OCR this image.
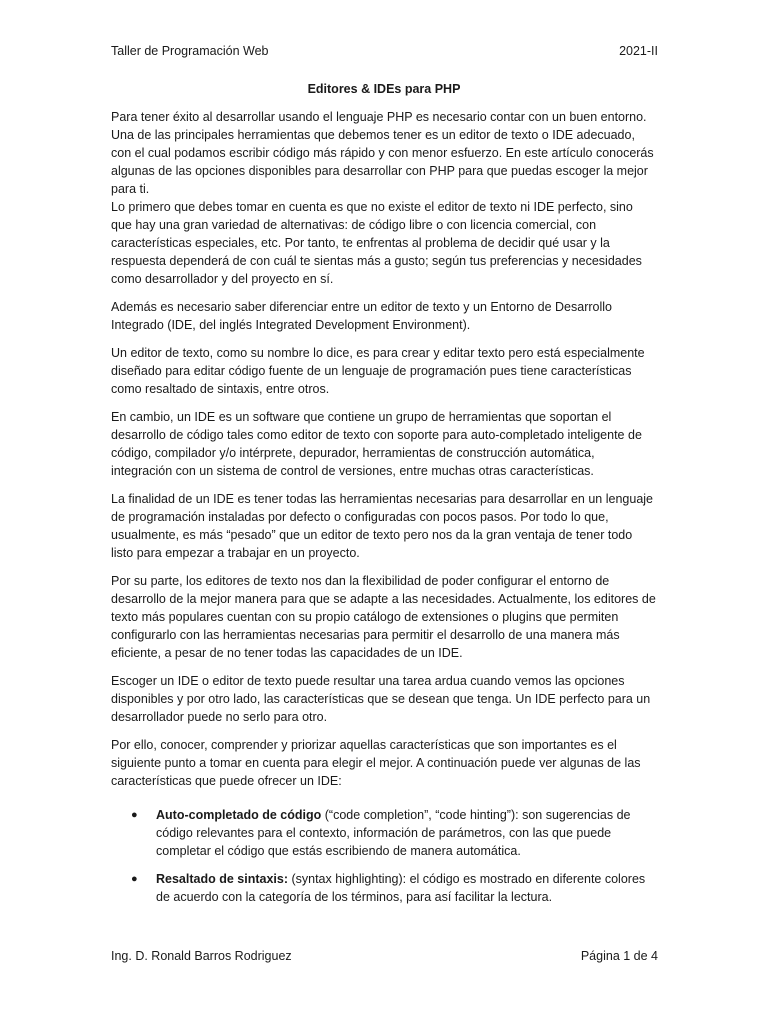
Taller de Programación Web	2021-II
Editores & IDEs para PHP

Para tener éxito al desarrollar usando el lenguaje PHP es necesario contar con un buen entorno. Una de las principales herramientas que debemos tener es un editor de texto o IDE adecuado, con el cual podamos escribir código más rápido y con menor esfuerzo. En este artículo conocerás algunas de las opciones disponibles para desarrollar con PHP para que puedas escoger la mejor para ti.

Lo primero que debes tomar en cuenta es que no existe el editor de texto ni IDE perfecto, sino que hay una gran variedad de alternativas: de código libre o con licencia comercial, con características especiales, etc. Por tanto, te enfrentas al problema de decidir qué usar y la respuesta dependerá de con cuál te sientas más a gusto; según tus preferencias y necesidades como desarrollador y del proyecto en sí.

Además es necesario saber diferenciar entre un editor de texto y un Entorno de Desarrollo Integrado (IDE, del inglés Integrated Development Environment).

Un editor de texto, como su nombre lo dice, es para crear y editar texto pero está especialmente diseñado para editar código fuente de un lenguaje de programación pues tiene características como resaltado de sintaxis, entre otros.

En cambio, un IDE es un software que contiene un grupo de herramientas que soportan el desarrollo de código tales como editor de texto con soporte para auto-completado inteligente de código, compilador y/o intérprete, depurador, herramientas de construcción automática, integración con un sistema de control de versiones, entre muchas otras características.

La finalidad de un IDE es tener todas las herramientas necesarias para desarrollar en un lenguaje de programación instaladas por defecto o configuradas con pocos pasos. Por todo lo que, usualmente, es más “pesado” que un editor de texto pero nos da la gran ventaja de tener todo listo para empezar a trabajar en un proyecto.

Por su parte, los editores de texto nos dan la flexibilidad de poder configurar el entorno de desarrollo de la mejor manera para que se adapte a las necesidades. Actualmente, los editores de texto más populares cuentan con su propio catálogo de extensiones o plugins que permiten configurarlo con las herramientas necesarias para permitir el desarrollo de una manera más eficiente, a pesar de no tener todas las capacidades de un IDE.

Escoger un IDE o editor de texto puede resultar una tarea ardua cuando vemos las opciones disponibles y por otro lado, las características que se desean que tenga. Un IDE perfecto para un desarrollador puede no serlo para otro.

Por ello, conocer, comprender y priorizar aquellas características que son importantes es el siguiente punto a tomar en cuenta para elegir el mejor. A continuación puede ver algunas de las características que puede ofrecer un IDE:

● Auto-completado de código (“code completion”, “code hinting”): son sugerencias de código relevantes para el contexto, información de parámetros, con las que puede completar el código que estás escribiendo de manera automática.
● Resaltado de sintaxis: (syntax highlighting): el código es mostrado en diferente colores de acuerdo con la categoría de los términos, para así facilitar la lectura.
Ing. D. Ronald Barros Rodriguez	Página 1 de 4
